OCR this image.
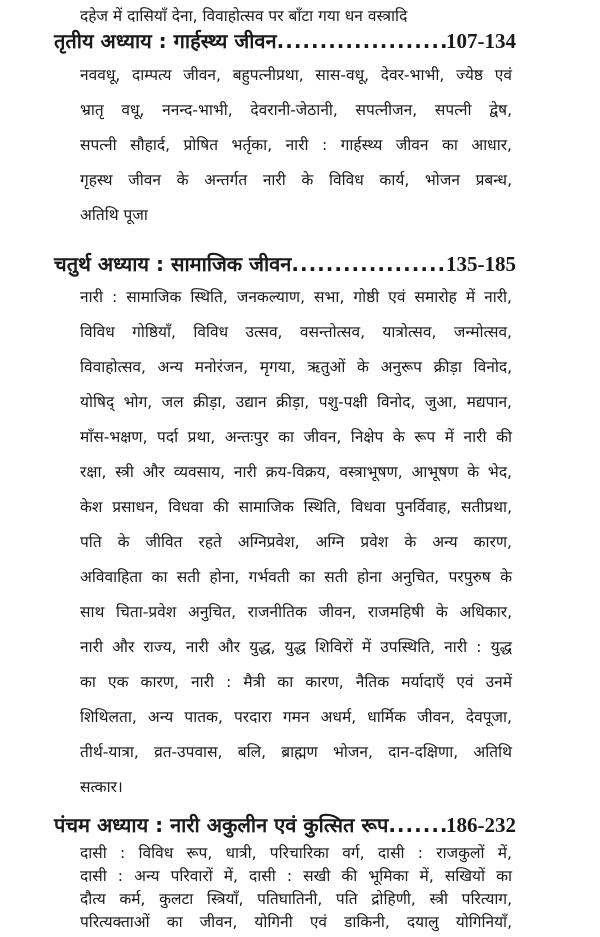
दहेज में दासियाँ देना, विवाहोत्सव पर बाँटा गया धन वस्त्रादि
तृतीय अध्याय : गार्हस्थ्य जीवन .....	107-134
नववधू, दाम्पत्य जीवन, बहुपत्नीप्रथा, सास-वधू, देवर-भाभी, ज्येष्ठ एवं
भ्रातृ वधू, ननन्द-भाभी, देवरानी-जेठानी, सपत्नीजन, सपत्नी द्वेष,
सपत्नी सौहार्द, प्रोषित भर्तृका, नारी : गार्हस्थ्य जीवन का आधार,
गृहस्थ जीवन के अन्तर्गत नारी के विविध कार्य, भोजन प्रबन्ध,
अतिथि पूजा
चतुर्थ अध्याय : सामाजिक जीवन .....	135-185
नारी : सामाजिक स्थिति, जनकल्याण, सभा, गोष्ठी एवं समारोह में नारी,
विविध गोष्ठियाँ, विविध उत्सव, वसन्तोत्सव, यात्रोत्सव, जन्मोत्सव,
विवाहोत्सव, अन्य मनोरंजन, मृगया, ऋतुओं के अनुरूप क्रीड़ा विनोद,
योषिद् भोग, जल क्रीड़ा, उद्यान क्रीड़ा, पशु-पक्षी विनोद, जुआ, मद्यपान,
माँस-भक्षण, पर्दा प्रथा, अन्तःपुर का जीवन, निक्षेप के रूप में नारी की
रक्षा, स्त्री और व्यवसाय, नारी क्रय-विक्रय, वस्त्राभूषण, आभूषण के भेद,
केश प्रसाधन, विधवा की सामाजिक स्थिति, विधवा पुनर्विवाह, सतीप्रथा,
पति के जीवित रहते अग्निप्रवेश, अग्नि प्रवेश के अन्य कारण,
अविवाहिता का सती होना, गर्भवती का सती होना अनुचित, परपुरुष के
साथ चिता-प्रवेश अनुचित, राजनीतिक जीवन, राजमहिषी के अधिकार,
नारी और राज्य, नारी और युद्ध, युद्ध शिविरों में उपस्थिति, नारी : युद्ध
का एक कारण, नारी : मैत्री का कारण, नैतिक मर्यादाएँ एवं उनमें
शिथिलता, अन्य पातक, परदारा गमन अधर्म, धार्मिक जीवन, देवपूजा,
तीर्थ-यात्रा, व्रत-उपवास, बलि, ब्राह्मण भोजन, दान-दक्षिणा, अतिथि
सत्कार।
पंचम अध्याय : नारी अकुलीन एवं कुत्सित रूप .....	186-232
दासी : विविध रूप, धात्री, परिचारिका वर्ग, दासी : राजकुलों में,
दासी : अन्य परिवारों में, दासी : सखी की भूमिका में, सखियों का
दौत्य कर्म, कुलटा स्त्रियाँ, पतिघातिनी, पति द्रोहिणी, स्त्री परित्याग,
परित्यक्ताओं का जीवन, योगिनी एवं डाकिनी, दयालु योगिनियाँ,
